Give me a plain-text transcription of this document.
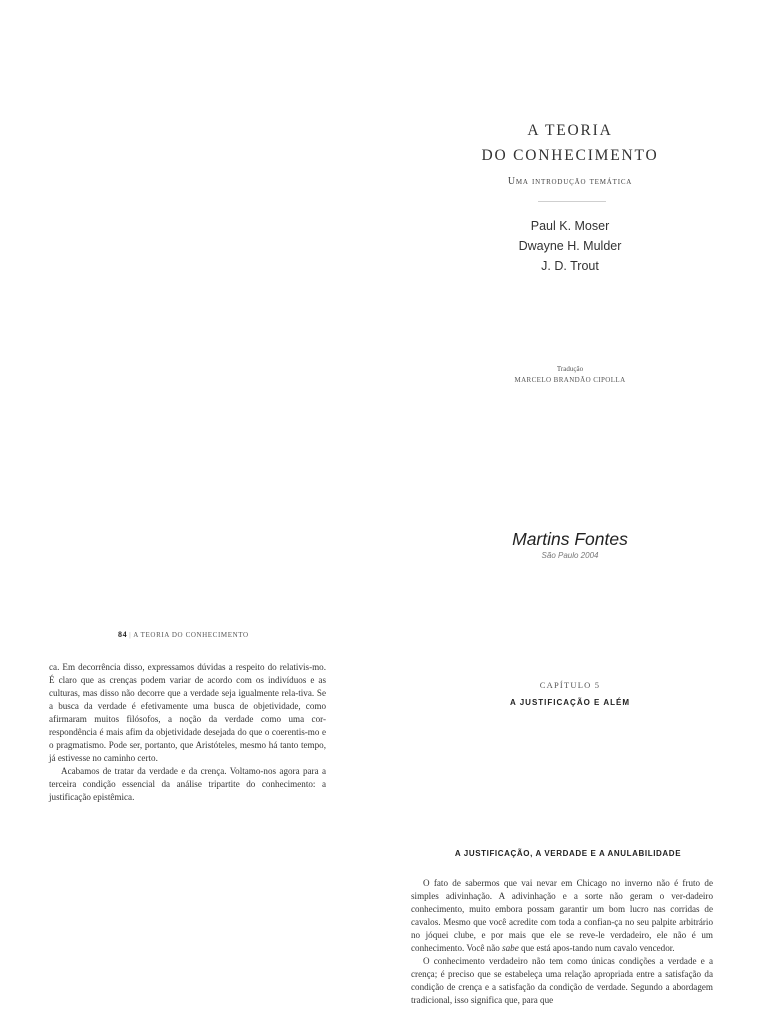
A TEORIA
DO CONHECIMENTO
Uma introdução temática
Paul K. Moser
Dwayne H. Mulder
J. D. Trout
Tradução
MARCELO BRANDÃO CIPOLLA
Martins Fontes
São Paulo 2004
84 | A TEORIA DO CONHECIMENTO

ca. Em decorrência disso, expressamos dúvidas a respeito do relativis-mo. É claro que as crenças podem variar de acordo com os indivíduos e as culturas, mas disso não decorre que a verdade seja igualmente rela-tiva. Se a busca da verdade é efetivamente uma busca de objetividade, como afirmaram muitos filósofos, a noção da verdade como uma cor-respondência é mais afim da objetividade desejada do que o coerentis-mo e o pragmatismo. Pode ser, portanto, que Aristóteles, mesmo há tanto tempo, já estivesse no caminho certo.

Acabamos de tratar da verdade e da crença. Voltamo-nos agora para a terceira condição essencial da análise tripartite do conhecimento: a justificação epistêmica.

CAPÍTULO 5
A JUSTIFICAÇÃO E ALÉM
A JUSTIFICAÇÃO, A VERDADE E A ANULABILIDADE

O fato de sabermos que vai nevar em Chicago no inverno não é fruto de simples adivinhação. A adivinhação e a sorte não geram o ver-dadeiro conhecimento, muito embora possam garantir um bom lucro nas corridas de cavalos. Mesmo que você acredite com toda a confian-ça no seu palpite arbitrário no jóquei clube, e por mais que ele se reve-le verdadeiro, ele não é um conhecimento. Você não sabe que está apos-tando num cavalo vencedor.

O conhecimento verdadeiro não tem como únicas condições a verdade e a crença; é preciso que se estabeleça uma relação apropriada entre a satisfação da condição de crença e a satisfação da condição de verdade. Segundo a abordagem tradicional, isso significa que, para que
